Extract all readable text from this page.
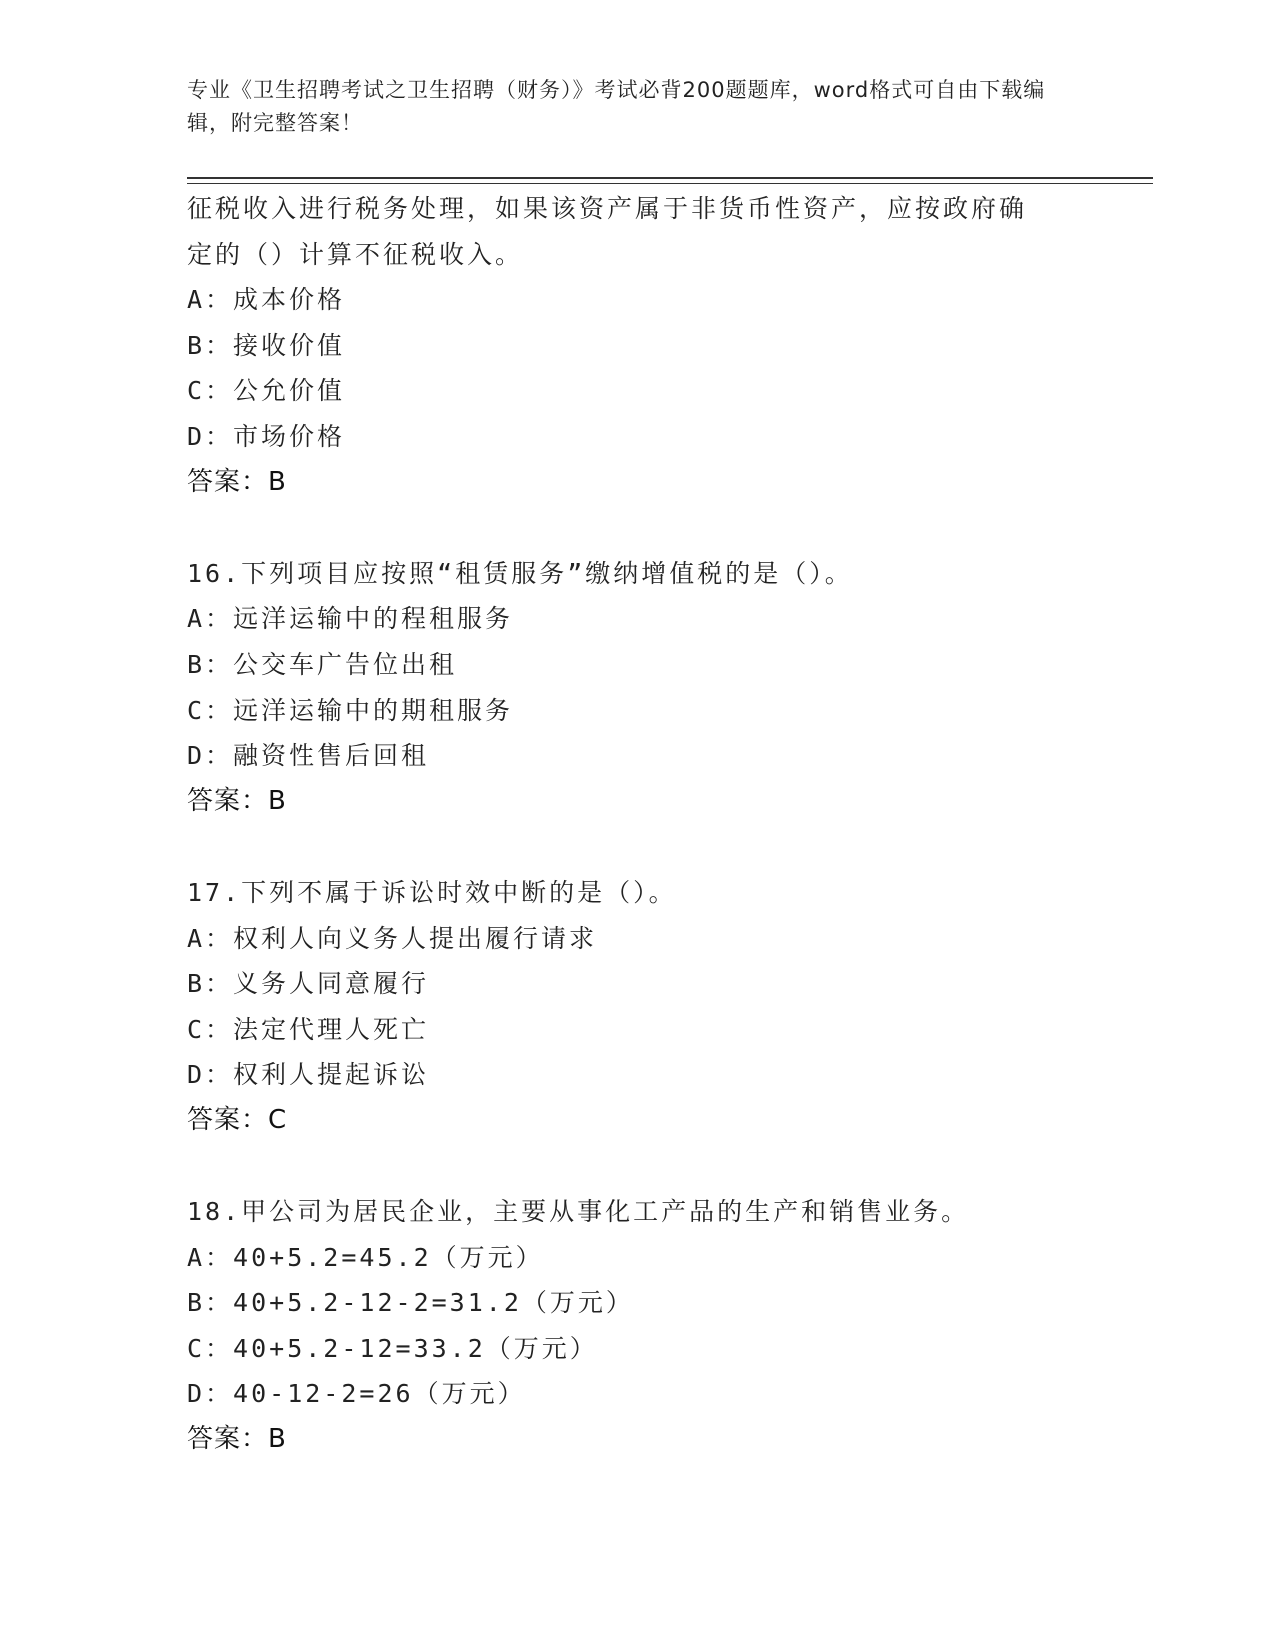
专业《卫生招聘考试之卫生招聘（财务）》考试必背200题题库，word格式可自由下载编辑，附完整答案！
征税收入进行税务处理，如果该资产属于非货币性资产，应按政府确
定的（）计算不征税收入。
A：成本价格
B：接收价值
C：公允价值
D：市场价格
答案：B
16.下列项目应按照“租赁服务”缴纳增值税的是（）。
A：远洋运输中的程租服务
B：公交车广告位出租
C：远洋运输中的期租服务
D：融资性售后回租
答案：B
17.下列不属于诉讼时效中断的是（）。
A：权利人向义务人提出履行请求
B：义务人同意履行
C：法定代理人死亡
D：权利人提起诉讼
答案：C
18.甲公司为居民企业，主要从事化工产品的生产和销售业务。
A：40+5.2=45.2（万元）
B：40+5.2-12-2=31.2（万元）
C：40+5.2-12=33.2（万元）
D：40-12-2=26（万元）
答案：B
